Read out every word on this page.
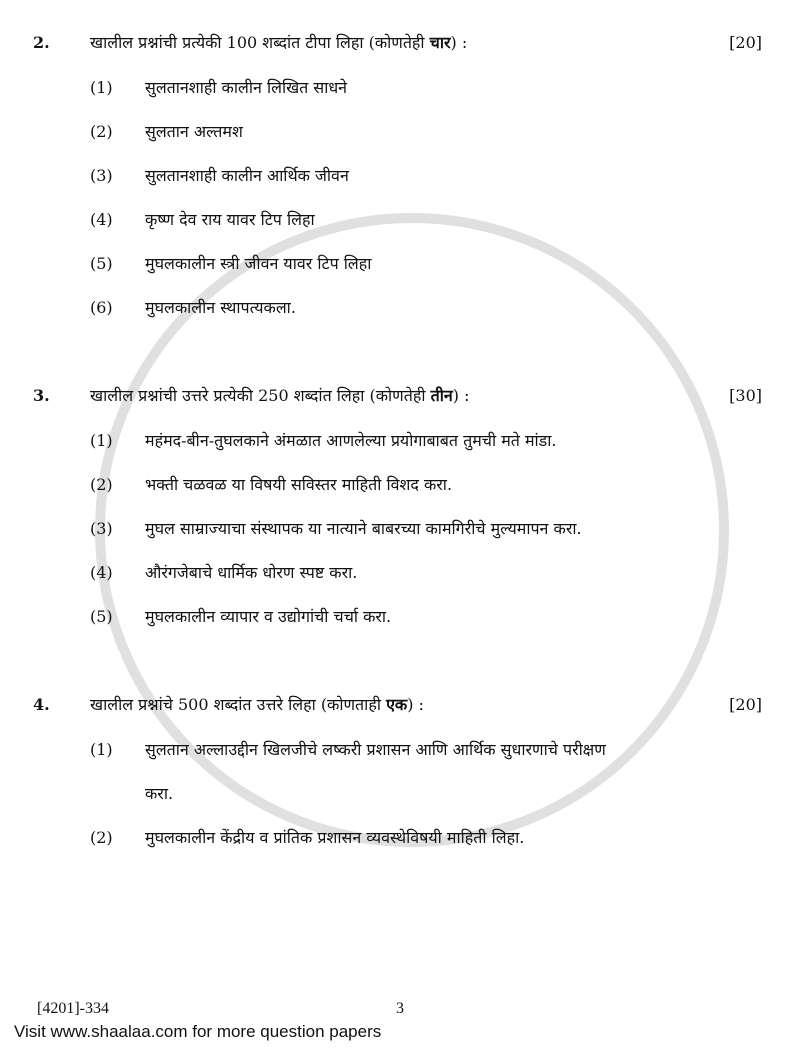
2.	खालील प्रश्नांची प्रत्येकी 100 शब्दांत टीपा लिहा (कोणतेही चार) :	[20]
(1)	सुलतानशाही कालीन लिखित साधने
(2)	सुलतान अल्तमश
(3)	सुलतानशाही कालीन आर्थिक जीवन
(4)	कृष्ण देव राय यावर टिप लिहा
(5)	मुघलकालीन स्त्री जीवन यावर टिप लिहा
(6)	मुघलकालीन स्थापत्यकला.
3.	खालील प्रश्नांची उत्तरे प्रत्येकी 250 शब्दांत लिहा (कोणतेही तीन) :	[30]
(1)	महंमद-बीन-तुघलकाने अंमळात आणलेल्या प्रयोगाबाबत तुमची मते मांडा.
(2)	भक्ती चळवळ या विषयी सविस्तर माहिती विशद करा.
(3)	मुघल साम्राज्याचा संस्थापक या नात्याने बाबरच्या कामगिरीचे मुल्यमापन करा.
(4)	औरंगजेबाचे धार्मिक धोरण स्पष्ट करा.
(5)	मुघलकालीन व्यापार व उद्योगांची चर्चा करा.
4.	खालील प्रश्नांचे 500 शब्दांत उत्तरे लिहा (कोणताही एक) :	[20]
(1)	सुलतान अल्लाउद्दीन खिलजीचे लष्करी प्रशासन आणि आर्थिक सुधारणाचे परीक्षण
करा.
(2)	मुघलकालीन केंद्रीय व प्रांतिक प्रशासन व्यवस्थेविषयी माहिती लिहा.
[4201]-334	3
Visit www.shaalaa.com for more question papers
